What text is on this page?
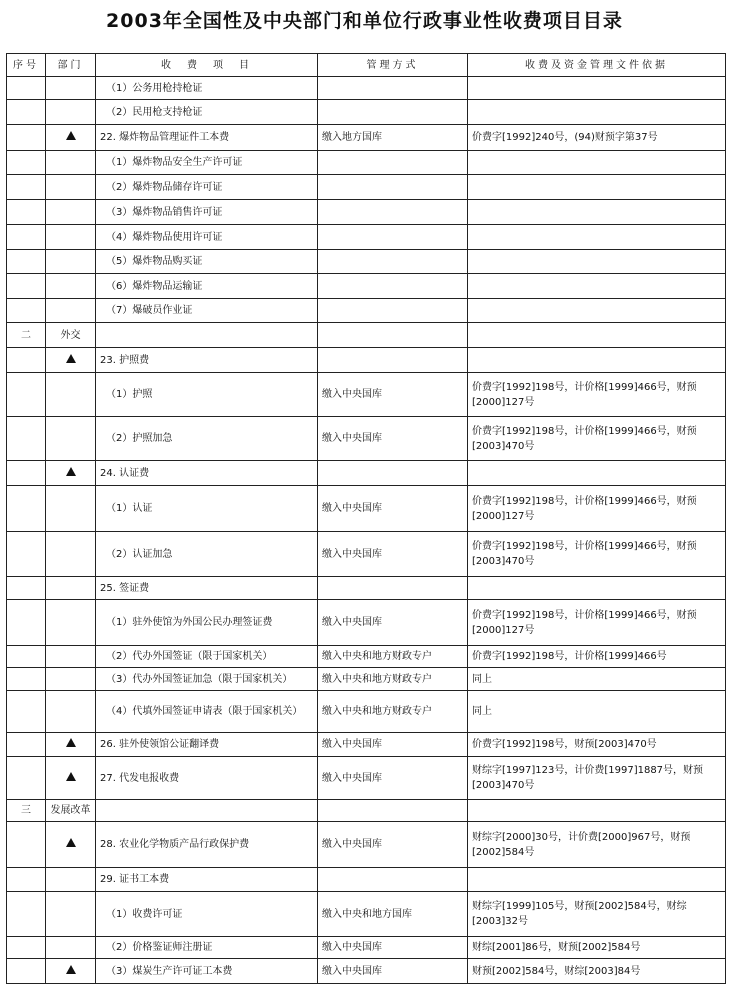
2003年全国性及中央部门和单位行政事业性收费项目目录
序号	部门	收　费　项　目	管理方式	收费及资金管理文件依据
		（1）公务用枪持枪证		
		（2）民用枪支持枪证		
		22. 爆炸物品管理证件工本费	缴入地方国库	价费字[1992]240号，(94)财预字第37号
		（1）爆炸物品安全生产许可证		
		（2）爆炸物品储存许可证		
		（3）爆炸物品销售许可证		
		（4）爆炸物品使用许可证		
		（5）爆炸物品购买证		
		（6）爆炸物品运输证		
		（7）爆破员作业证		
二	外交			
		23. 护照费		
		（1）护照	缴入中央国库	价费字[1992]198号，计价格[1999]466号，财预[2000]127号
		（2）护照加急	缴入中央国库	价费字[1992]198号，计价格[1999]466号，财预[2003]470号
		24. 认证费		
		（1）认证	缴入中央国库	价费字[1992]198号，计价格[1999]466号，财预[2000]127号
		（2）认证加急	缴入中央国库	价费字[1992]198号，计价格[1999]466号，财预[2003]470号
		25. 签证费		
		（1）驻外使馆为外国公民办理签证费	缴入中央国库	价费字[1992]198号，计价格[1999]466号，财预[2000]127号
		（2）代办外国签证（限于国家机关）	缴入中央和地方财政专户	价费字[1992]198号，计价格[1999]466号
		（3）代办外国签证加急（限于国家机关）	缴入中央和地方财政专户	同上
		（4）代填外国签证申请表（限于国家机关）	缴入中央和地方财政专户	同上
		26. 驻外使领馆公证翻译费	缴入中央国库	价费字[1992]198号，财预[2003]470号
		27. 代发电报收费	缴入中央国库	财综字[1997]123号，计价费[1997]1887号，财预[2003]470号
三	发展改革			
		28. 农业化学物质产品行政保护费	缴入中央国库	财综字[2000]30号，计价费[2000]967号，财预[2002]584号
		29. 证书工本费		
		（1）收费许可证	缴入中央和地方国库	财综字[1999]105号，财预[2002]584号，财综[2003]32号
		（2）价格鉴证师注册证	缴入中央国库	财综[2001]86号，财预[2002]584号
		（3）煤炭生产许可证工本费	缴入中央国库	财预[2002]584号，财综[2003]84号
